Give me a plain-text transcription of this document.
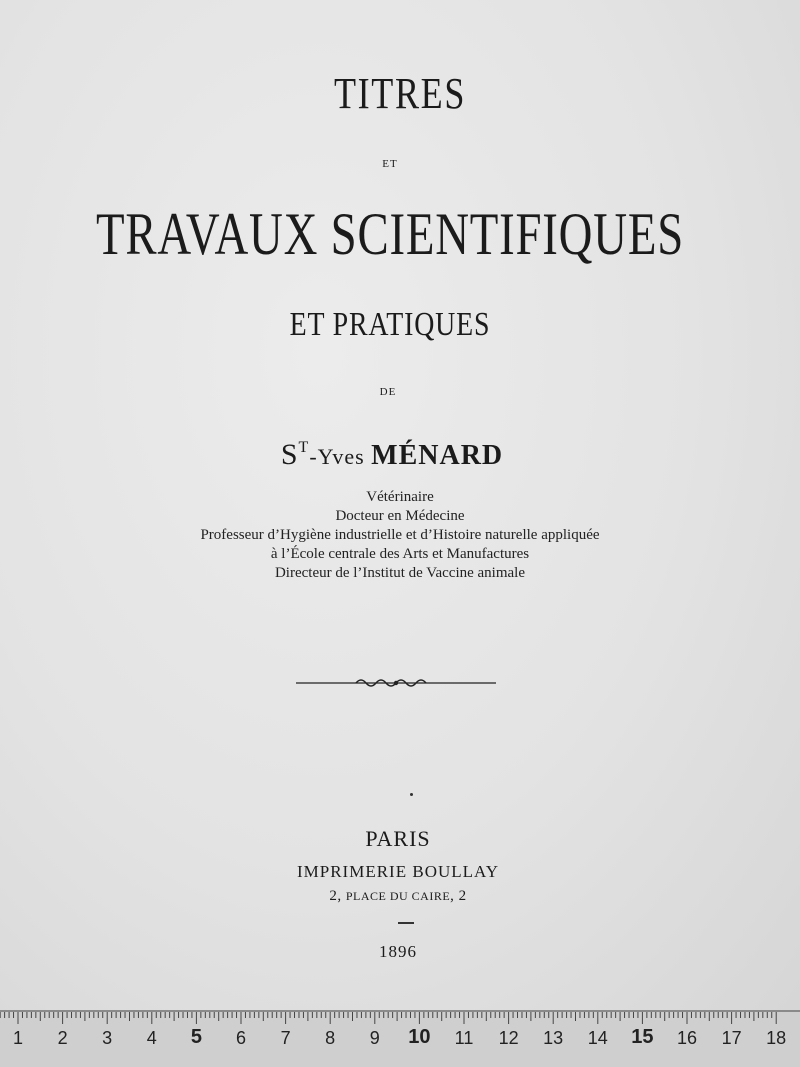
TITRES
ET
TRAVAUX SCIENTIFIQUES
ET PRATIQUES
DE
$S^T$-Yves MÉNARD
Vétérinaire
Docteur en Médecine
Professeur d’Hygiène industrielle et d’Histoire naturelle appliquée
à l’École centrale des Arts et Manufactures
Directeur de l’Institut de Vaccine animale
PARIS
IMPRIMERIE BOULLAY
2, PLACE DU CAIRE, 2
1896
1 2 3 4 5 6 7 8 9 10 11 12 13 14 15 16 17 18
